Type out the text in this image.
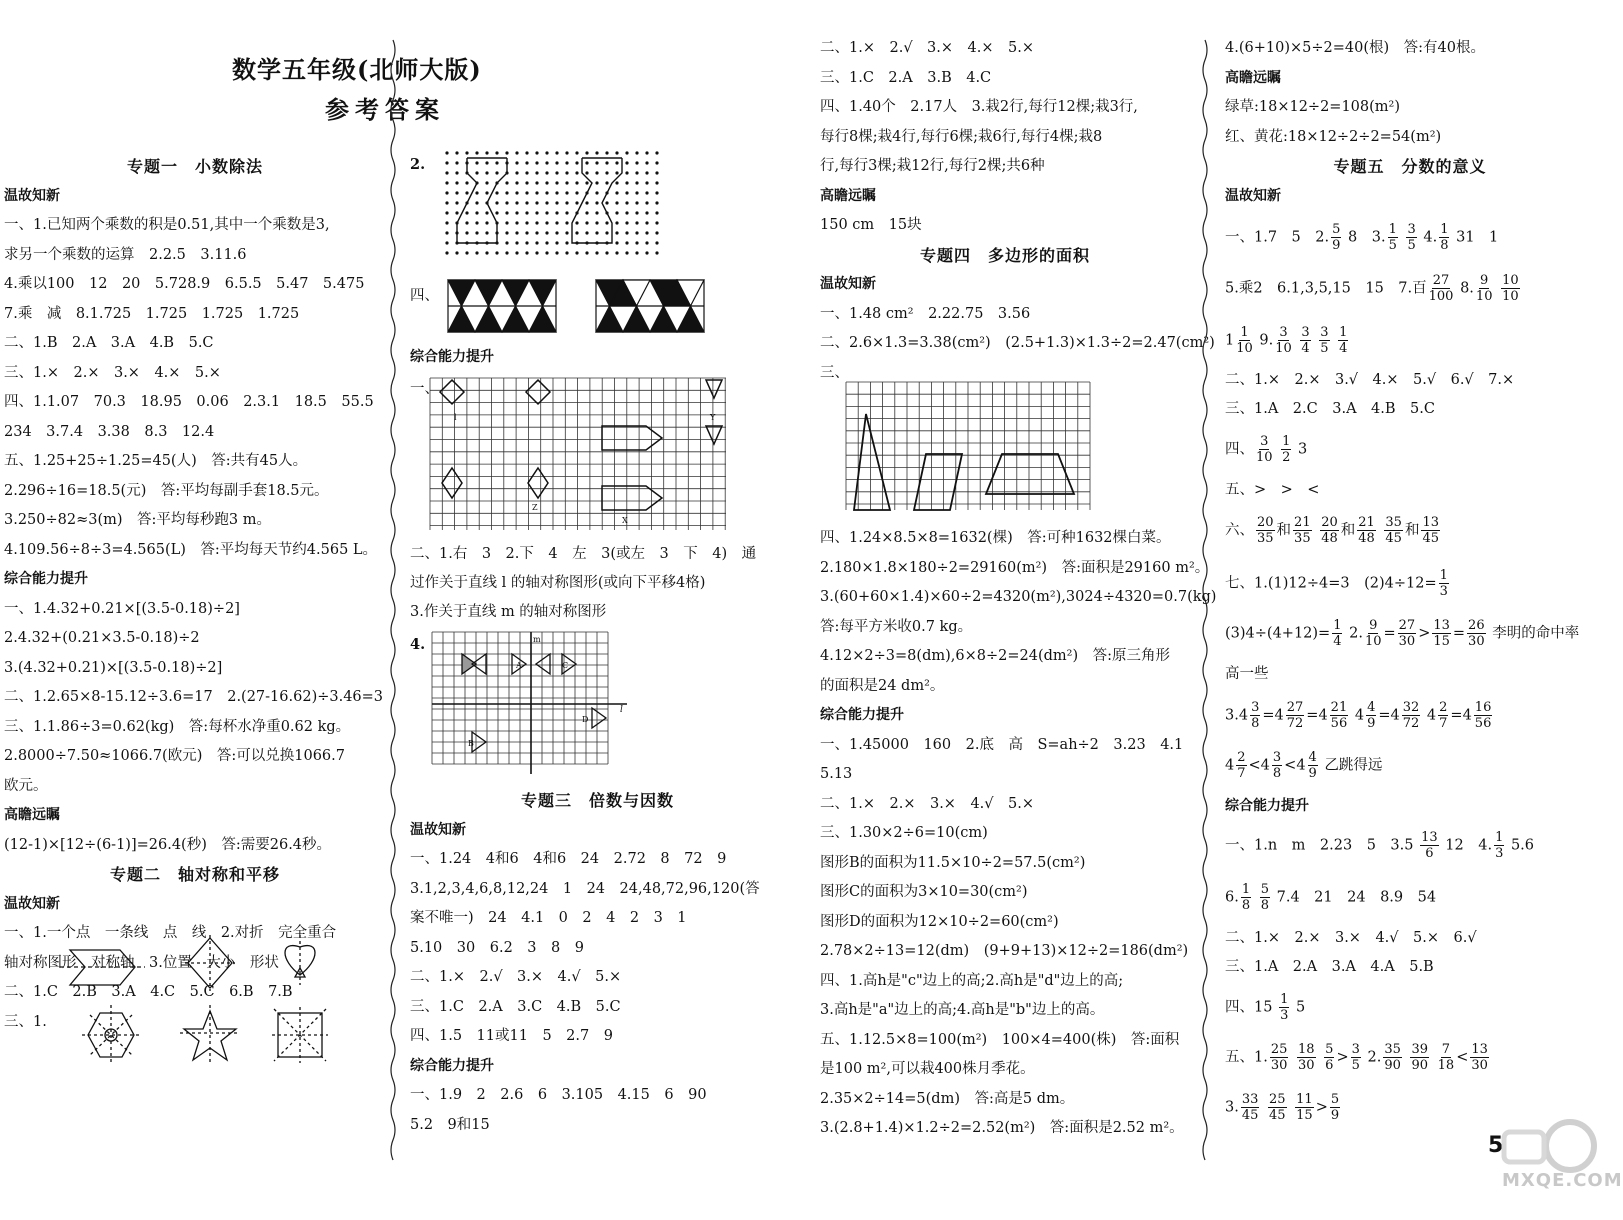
数学五年级(北师大版)
参考答案
专题一　小数除法
温故知新
一、1.已知两个乘数的积是0.51,其中一个乘数是3,
求另一个乘数的运算　2.2.5　3.11.6
4.乘以100　12　20　5.728.9　6.5.5　5.47　5.475
7.乘　减　8.1.725　1.725　1.725　1.725
二、1.B　2.A　3.A　4.B　5.C
三、1.×　2.×　3.×　4.×　5.×
四、1.1.07　70.3　18.95　0.06　2.3.1　18.5　55.5
234　3.7.4　3.38　8.3　12.4
五、1.25+25÷1.25=45(人)　答:共有45人。
2.296÷16=18.5(元)　答:平均每副手套18.5元。
3.250÷82≈3(m)　答:平均每秒跑3 m。
4.109.56÷8÷3=4.565(L)　答:平均每天节约4.565 L。
综合能力提升
一、1.4.32+0.21×[(3.5-0.18)÷2]
2.4.32+(0.21×3.5-0.18)÷2
3.(4.32+0.21)×[(3.5-0.18)÷2]
二、1.2.65×8-15.12÷3.6=17　2.(27-16.62)÷3.46=3
三、1.1.86÷3=0.62(kg)　答:每杯水净重0.62 kg。
2.8000÷7.50≈1066.7(欧元)　答:可以兑换1066.7
欧元。
高瞻远瞩
(12-1)×[12÷(6-1)]=26.4(秒)　答:需要26.4秒。
专题二　轴对称和平移
温故知新
一、1.一个点　一条线　点　线　2.对折　完全重合
轴对称图形　对称轴　3.位置　大小　形状
二、1.C　2.B　3.A　4.C　5.C　6.B　7.B
三、1.
2.
四、
综合能力提升
一、
二、1.右　3　2.下　4　左　3(或左　3　下　4)　通
过作关于直线 l 的轴对称图形(或向下平移4格)
3.作关于直线 m 的轴对称图形
4.
专题三　倍数与因数
温故知新
一、1.24　4和6　4和6　24　2.72　8　72　9
3.1,2,3,4,6,8,12,24　1　24　24,48,72,96,120(答
案不唯一)　24　4.1　0　2　4　2　3　1
5.10　30　6.2　3　8　9
二、1.×　2.√　3.×　4.√　5.×
三、1.C　2.A　3.C　4.B　5.C
四、1.5　11或11　5　2.7　9
综合能力提升
一、1.9　2　2.6　6　3.105　4.15　6　90
5.2　9和15
l	Y
Z
X
m
l
A
B
C
D
二、1.×　2.√　3.×　4.×　5.×
三、1.C　2.A　3.B　4.C
四、1.40个　2.17人　3.栽2行,每行12棵;栽3行,
每行8棵;栽4行,每行6棵;栽6行,每行4棵;栽8
行,每行3棵;栽12行,每行2棵;共6种
高瞻远瞩
150 cm　15块
专题四　多边形的面积
温故知新
一、1.48 cm²　2.22.75　3.56
二、2.6×1.3=3.38(cm²)　(2.5+1.3)×1.3÷2=2.47(cm²)
三、
四、1.24×8.5×8=1632(棵)　答:可种1632棵白菜。
2.180×1.8×180÷2=29160(m²)　答:面积是29160 m²。
3.(60+60×1.4)×60÷2=4320(m²),3024÷4320=0.7(kg)
答:每平方米收0.7 kg。
4.12×2÷3=8(dm),6×8÷2=24(dm²)　答:原三角形
的面积是24 dm²。
综合能力提升
一、1.45000　160　2.底　高　S=ah÷2　3.23　4.1
5.13
二、1.×　2.×　3.×　4.√　5.×
三、1.30×2÷6=10(cm)
图形B的面积为11.5×10÷2=57.5(cm²)
图形C的面积为3×10=30(cm²)
图形D的面积为12×10÷2=60(cm²)
2.78×2÷13=12(dm)　(9+9+13)×12÷2=186(dm²)
四、1.高h是"c"边上的高;2.高h是"d"边上的高;
3.高h是"a"边上的高;4.高h是"b"边上的高。
五、1.12.5×8=100(m²)　100×4=400(株)　答:面积
是100 m²,可以栽400株月季花。
2.35×2÷14=5(dm)　答:高是5 dm。
3.(2.8+1.4)×1.2÷2=2.52(m²)　答:面积是2.52 m²。
4.(6+10)×5÷2=40(根)　答:有40根。
高瞻远瞩
绿草:18×12÷2=108(m²)
红、黄花:18×12÷2÷2=54(m²)
专题五　分数的意义
温故知新
一、1.7　5　2. $\frac{5}{9} 8$　3. $\frac{1}{5}$
$\frac{3}{5} 4$. $\frac{1}{8} 31$　1
5.乘2　6.1,3,5,15　15　7.百 $\frac{27}{100} 8$. $\frac{9}{10}$
$\frac{10}{10}$
$1 \frac{1}{10} 9$. $\frac{3}{10}$
$\frac{3}{4}$
$\frac{3}{5}$
$\frac{1}{4}$
二、1.×　2.×　3.√　4.×　5.√　6.√　7.×
三、1.A　2.C　3.A　4.B　5.C
四、 $\frac{3}{10}$
$\frac{1}{2} 3$
五、>　>　<
六、 $\frac{20}{35}$ 和 $\frac{21}{35}$
$\frac{20}{48}$ 和 $\frac{21}{48}$
$\frac{35}{45}$ 和 $\frac{13}{45}$
七、1.(1)12÷4=3　$(2)4\div 12= \frac{1}{3}$
$(3)4\div(4+12)= \frac{1}{4} 2$. $\frac{9}{10} = \frac{27}{30} > \frac{13}{15} = \frac{26}{30}$ 李明的命中率
高一些
$3.4 \frac{3}{8} =4 \frac{27}{72} =4 \frac{21}{56} 4 \frac{4}{9} =4 \frac{32}{72} 4 \frac{2}{7} =4 \frac{16}{56}$
$4 \frac{2}{7} <4 \frac{3}{8} <4 \frac{4}{9}$ 乙跳得远
综合能力提升
一、1.n　m　2.23　5　$3.5 \frac{13}{6} 12$　4. $\frac{1}{3} 5.6$
6. $\frac{1}{8}$
$\frac{5}{8} 7.4$　21　24　8.9　54
二、1.×　2.×　3.×　4.√　5.×　6.√
三、1.A　2.A　3.A　4.A　5.B
四、$15 \frac{1}{3} 5$
五、1. $\frac{25}{30}$
$\frac{18}{30}$
$\frac{5}{6} > \frac{3}{5} 2$. $\frac{35}{90}$
$\frac{39}{90}$
$\frac{7}{18} < \frac{13}{30}$
3. $\frac{33}{45}$
$\frac{25}{45}$
$\frac{11}{15} > \frac{5}{9}$
5
MXQE.COM
